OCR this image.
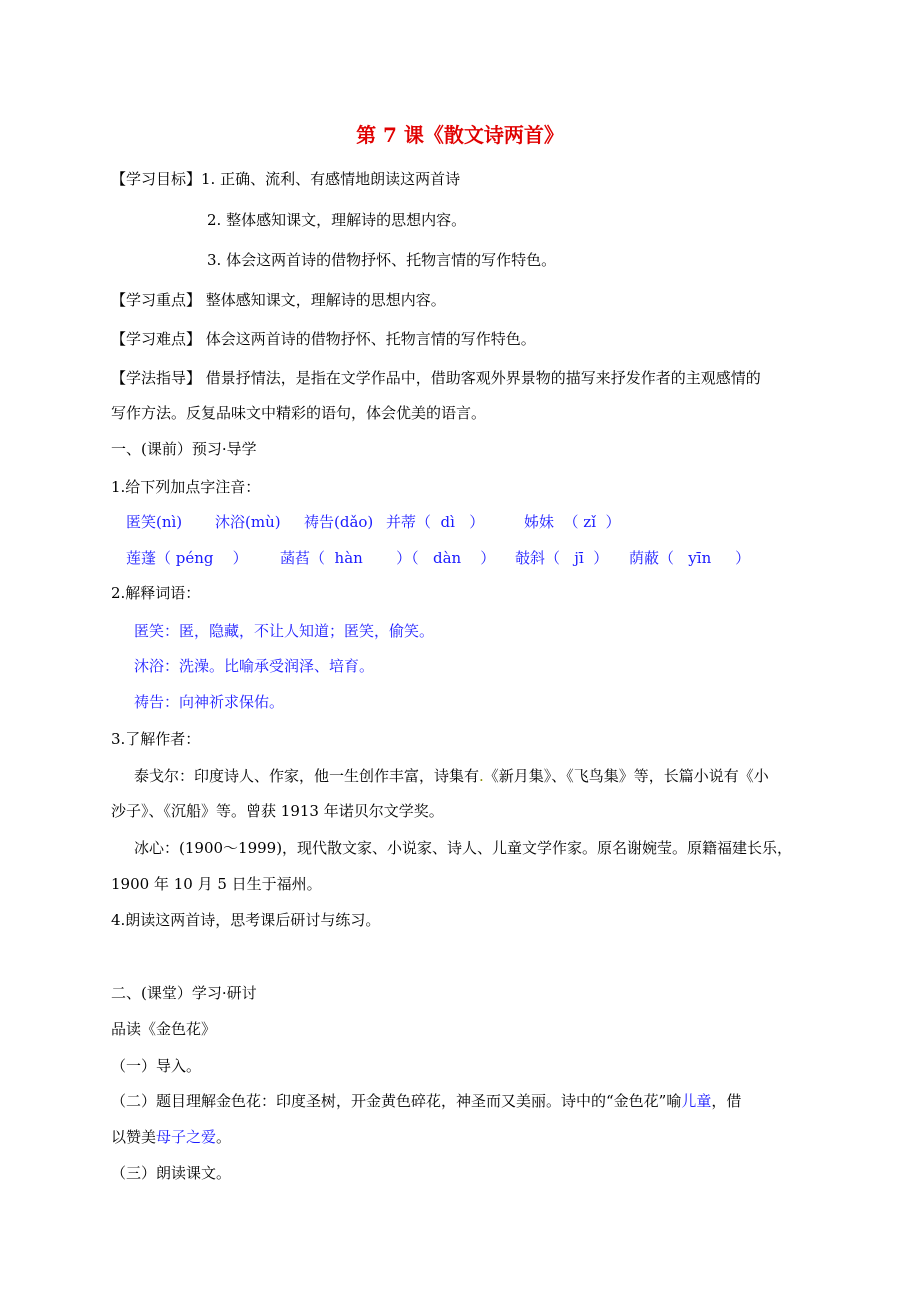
第 7 课《散文诗两首》
【学习目标】1. 正确、流利、有感情地朗读这两首诗
2. 整体感知课文，理解诗的思想内容。
3. 体会这两首诗的借物抒怀、托物言情的写作特色。
【学习重点】 整体感知课文，理解诗的思想内容。
【学习难点】 体会这两首诗的借物抒怀、托物言情的写作特色。
【学法指导】 借景抒情法，是指在文学作品中，借助客观外界景物的描写来抒发作者的主观感情的
写作方法。反复品味文中精彩的语句，体会优美的语言。
一、(课前）预习·导学
1.给下列加点字注音：
匿笑(nì) 沐浴(mù) 祷告(dǎo) 并蒂（  dì   ）	姊妹  （ zǐ  ）
莲蓬（ péng    ） 菡萏（  hàn       ）（   dàn    ） 攲斜（   jī  ） 荫蔽（   yīn     ）
2.解释词语：
匿笑：匿，隐藏，不让人知道；匿笑，偷笑。
沐浴：洗澡。比喻承受润泽、培育。
祷告：向神祈求保佑。
3.了解作者：
泰戈尔：印度诗人、作家，他一生创作丰富，诗集有.《新月集》、《飞鸟集》等，长篇小说有《小
沙子》、《沉船》等。曾获 1913 年诺贝尔文学奖。
冰心：(1900～1999)，现代散文家、小说家、诗人、儿童文学作家。原名谢婉莹。原籍福建长乐，
1900 年 10 月 5 日生于福州。
4.朗读这两首诗，思考课后研讨与练习。
二、(课堂）学习·研讨
品读《金色花》
（一）导入。
（二）题目理解金色花：印度圣树，开金黄色碎花，神圣而又美丽。诗中的“金色花”喻儿童，借
以赞美母子之爱。
（三）朗读课文。
